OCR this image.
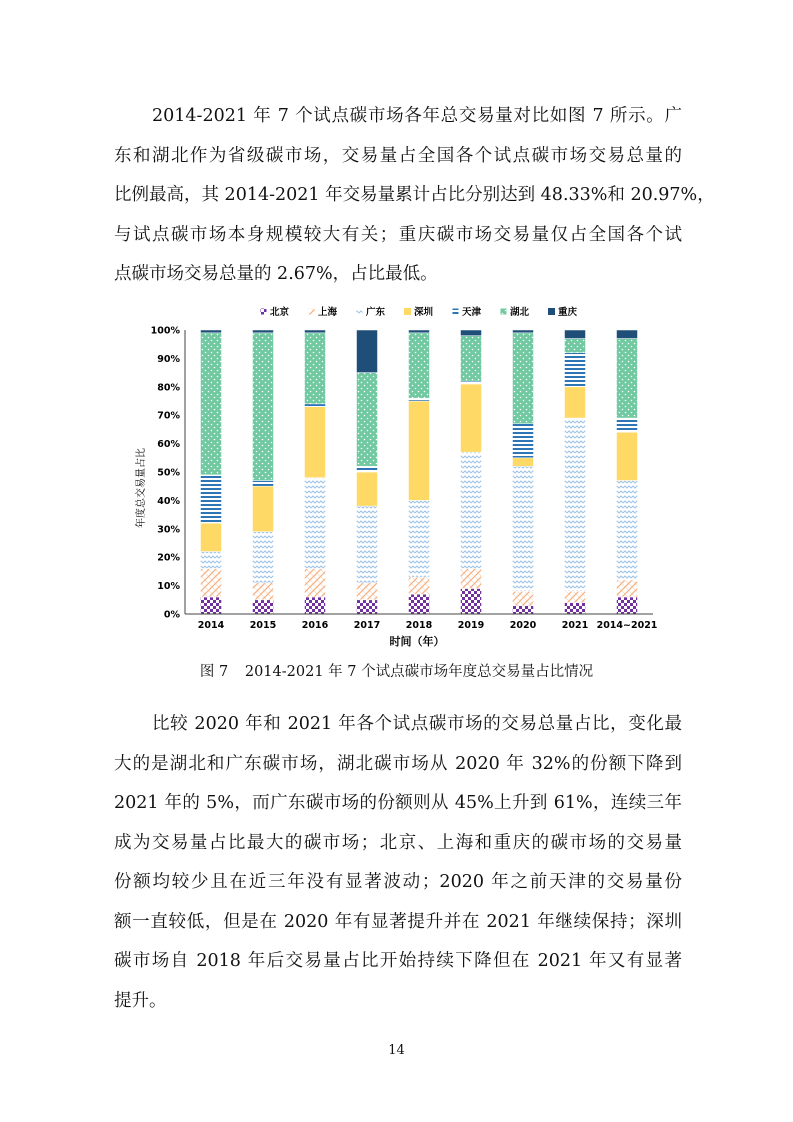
2014-2021 年 7 个试点碳市场各年总交易量对比如图 7 所示。广
东和湖北作为省级碳市场，交易量占全国各个试点碳市场交易总量的
比例最高，其 2014-2021 年交易量累计占比分别达到 48.33%和 20.97%，
与试点碳市场本身规模较大有关；重庆碳市场交易量仅占全国各个试
点碳市场交易总量的 2.67%，占比最低。
北京	上海	广东	深圳	天津	湖北	重庆
0%
10%
20%
30%
40%
50%
60%
70%
80%
90%
100%
2014	2015	2016	2017	2018	2019	2020	2021 2014~2021
年度总交易量占比
时间（年）
图 7 2014-2021 年 7 个试点碳市场年度总交易量占比情况
比较 2020 年和 2021 年各个试点碳市场的交易总量占比，变化最
大的是湖北和广东碳市场，湖北碳市场从 2020 年 32%的份额下降到
2021 年的 5%，而广东碳市场的份额则从 45%上升到 61%，连续三年
成为交易量占比最大的碳市场；北京、上海和重庆的碳市场的交易量
份额均较少且在近三年没有显著波动；2020 年之前天津的交易量份
额一直较低，但是在 2020 年有显著提升并在 2021 年继续保持；深圳
碳市场自 2018 年后交易量占比开始持续下降但在 2021 年又有显著
提升。
14
